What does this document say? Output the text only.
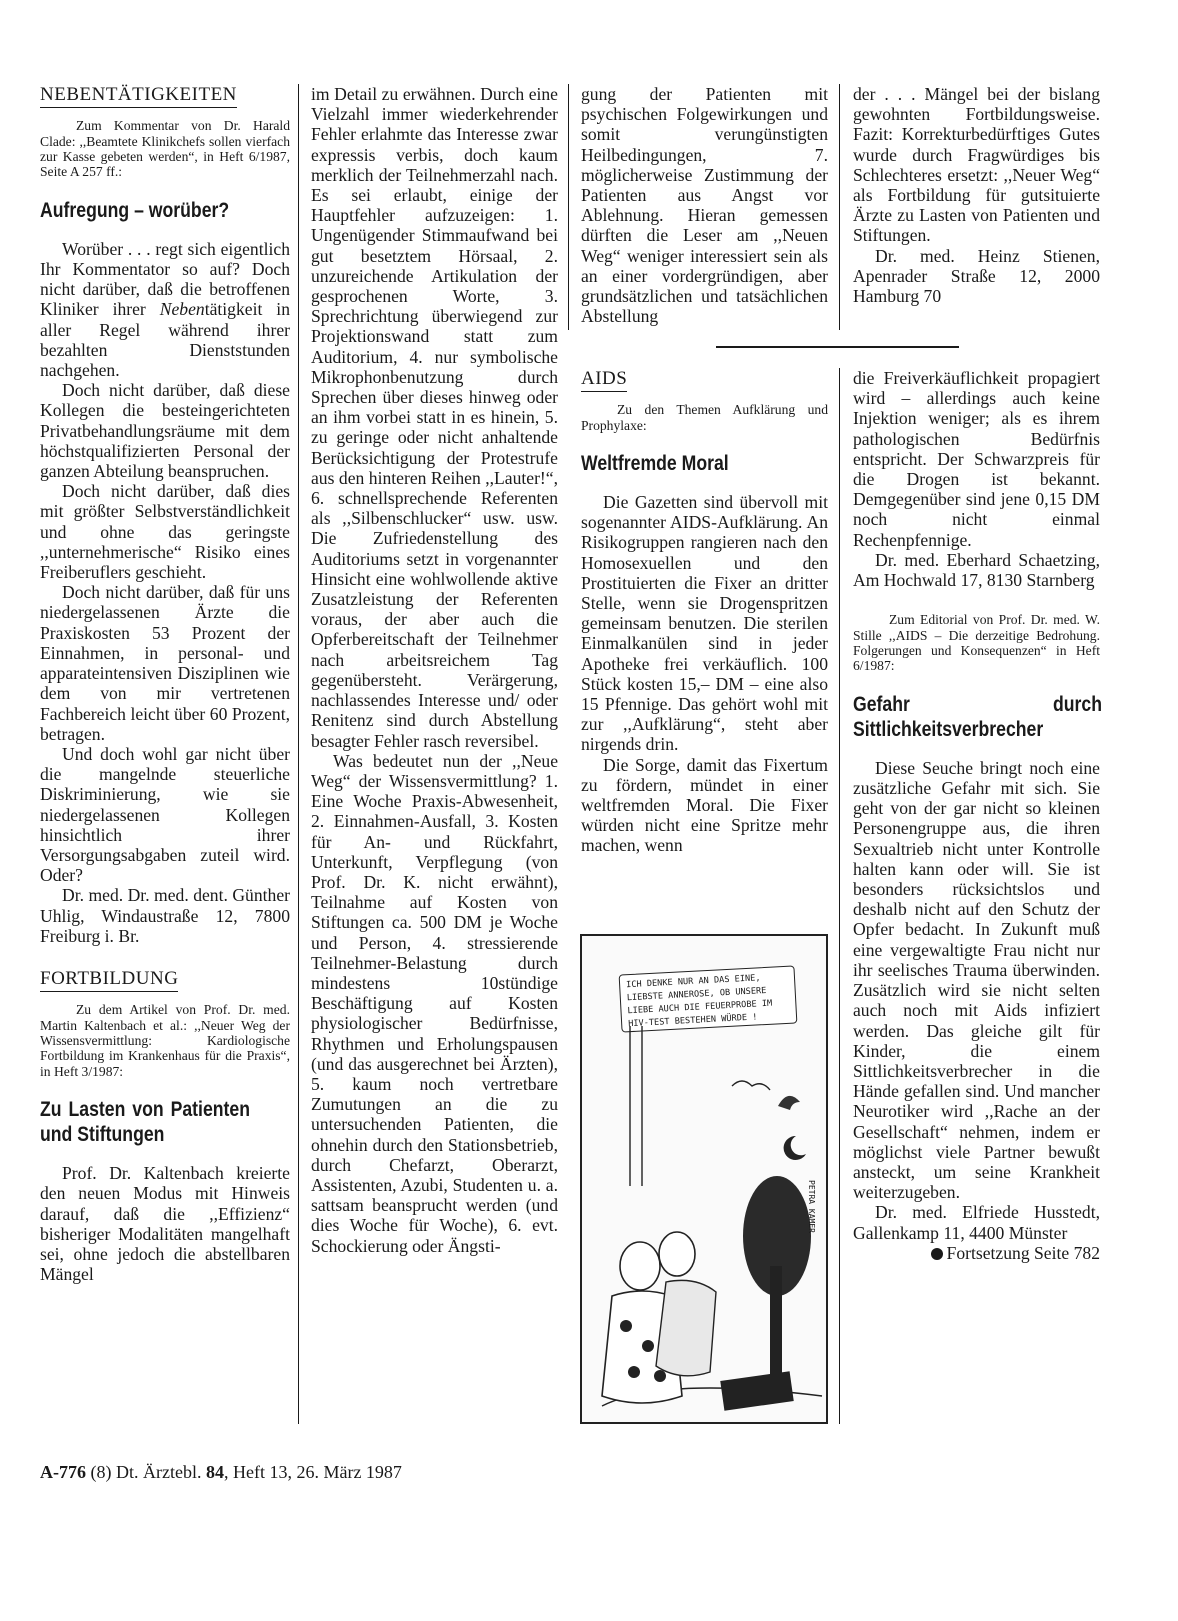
NEBENTÄTIGKEITEN

Zum Kommentar von Dr. Harald Clade: ,,Beamtete Klinikchefs sollen vierfach zur Kasse gebeten werden“, in Heft 6/1987, Seite A 257 ff.:

Aufregung – worüber?

Worüber . . . regt sich eigentlich Ihr Kommentator so auf? Doch nicht darüber, daß die betroffenen Kliniker ihrer Nebentätigkeit in aller Regel während ihrer bezahlten Dienststunden nachgehen.

Doch nicht darüber, daß diese Kollegen die besteingerichteten Privatbehandlungsräume mit dem höchstqualifizierten Personal der ganzen Abteilung beanspruchen.

Doch nicht darüber, daß dies mit größter Selbstverständlichkeit und ohne das geringste ,,unternehmerische“ Risiko eines Freiberuflers geschieht.

Doch nicht darüber, daß für uns niedergelassenen Ärzte die Praxiskosten 53 Prozent der Einnahmen, in personal- und apparateintensiven Disziplinen wie dem von mir vertretenen Fachbereich leicht über 60 Prozent, betragen.

Und doch wohl gar nicht über die mangelnde steuerliche Diskriminierung, wie sie niedergelassenen Kollegen hinsichtlich ihrer Versorgungsabgaben zuteil wird. Oder?

Dr. med. Dr. med. dent. Günther Uhlig, Windaustraße 12, 7800 Freiburg i. Br.

FORTBILDUNG

Zu dem Artikel von Prof. Dr. med. Martin Kaltenbach et al.: ,,Neuer Weg der Wissensvermittlung: Kardiologische Fortbildung im Krankenhaus für die Praxis“, in Heft 3/1987:

Zu Lasten von Patienten und Stiftungen

Prof. Dr. Kaltenbach kreierte den neuen Modus mit Hinweis darauf, daß die ,,Effizienz“ bisheriger Modalitäten mangelhaft sei, ohne jedoch die abstellbaren Mängel

im Detail zu erwähnen. Durch eine Vielzahl immer wiederkehrender Fehler erlahmte das Interesse zwar expressis verbis, doch kaum merklich der Teilnehmerzahl nach. Es sei erlaubt, einige der Hauptfehler aufzuzeigen: 1. Ungenügender Stimmaufwand bei gut besetztem Hörsaal, 2. unzureichende Artikulation der gesprochenen Worte, 3. Sprechrichtung überwiegend zur Projektionswand statt zum Auditorium, 4. nur symbolische Mikrophonbenutzung durch Sprechen über dieses hinweg oder an ihm vorbei statt in es hinein, 5. zu geringe oder nicht anhaltende Berücksichtigung der Protestrufe aus den hinteren Reihen ,,Lauter!“, 6. schnellsprechende Referenten als ,,Silbenschlucker“ usw. usw. Die Zufriedenstellung des Auditoriums setzt in vorgenannter Hinsicht eine wohlwollende aktive Zusatzleistung der Referenten voraus, der aber auch die Opferbereitschaft der Teilnehmer nach arbeitsreichem Tag gegenübersteht. Verärgerung, nachlassendes Interesse und/ oder Renitenz sind durch Abstellung besagter Fehler rasch reversibel.

Was bedeutet nun der ,,Neue Weg“ der Wissensvermittlung? 1. Eine Woche Praxis-Abwesenheit, 2. Einnahmen-Ausfall, 3. Kosten für An- und Rückfahrt, Unterkunft, Verpflegung (von Prof. Dr. K. nicht erwähnt), Teilnahme auf Kosten von Stiftungen ca. 500 DM je Woche und Person, 4. stressierende Teilnehmer-Belastung durch mindestens 10stündige Beschäftigung auf Kosten physiologischer Bedürfnisse, Rhythmen und Erholungspausen (und das ausgerechnet bei Ärzten), 5. kaum noch vertretbare Zumutungen an die zu untersuchenden Patienten, die ohnehin durch den Stationsbetrieb, durch Chefarzt, Oberarzt, Assistenten, Azubi, Studenten u. a. sattsam beansprucht werden (und dies Woche für Woche), 6. evt. Schockierung oder Ängsti-

gung der Patienten mit psychischen Folgewirkungen und somit verungünstigten Heilbedingungen, 7. möglicherweise Zustimmung der Patienten aus Angst vor Ablehnung. Hieran gemessen dürften die Leser am ,,Neuen Weg“ weniger interessiert sein als an einer vordergründigen, aber grundsätzlichen und tatsächlichen Abstellung

AIDS

Zu den Themen Aufklärung und Prophylaxe:

Weltfremde Moral

Die Gazetten sind übervoll mit sogenannter AIDS-Aufklärung. An Risikogruppen rangieren nach den Homosexuellen und den Prostituierten die Fixer an dritter Stelle, wenn sie Drogenspritzen gemeinsam benutzen. Die sterilen Einmalkanülen sind in jeder Apotheke frei verkäuflich. 100 Stück kosten 15,– DM – eine also 15 Pfennige. Das gehört wohl mit zur ,,Aufklärung“, steht aber nirgends drin.

Die Sorge, damit das Fixertum zu fördern, mündet in einer weltfremden Moral. Die Fixer würden nicht eine Spritze mehr machen, wenn

ICH DENKE NUR AN DAS EINE, LIEBSTE ANNEROSE, OB UNSERE LIEBE AUCH DIE FEUERPROBE IM HIV-TEST BESTEHEN WÜRDE !
PETRA KAMER

der . . . Mängel bei der bislang gewohnten Fortbildungsweise. Fazit: Korrekturbedürftiges Gutes wurde durch Fragwürdiges bis Schlechteres ersetzt: ,,Neuer Weg“ als Fortbildung für gutsituierte Ärzte zu Lasten von Patienten und Stiftungen.

Dr. med. Heinz Stienen, Apenrader Straße 12, 2000 Hamburg 70

die Freiverkäuflichkeit propagiert wird – allerdings auch keine Injektion weniger; als es ihrem pathologischen Bedürfnis entspricht. Der Schwarzpreis für die Drogen ist bekannt. Demgegenüber sind jene 0,15 DM noch nicht einmal Rechenpfennige.

Dr. med. Eberhard Schaetzing, Am Hochwald 17, 8130 Starnberg

Zum Editorial von Prof. Dr. med. W. Stille ,,AIDS – Die derzeitige Bedrohung. Folgerungen und Konsequenzen“ in Heft 6/1987:

Gefahr durch Sittlichkeitsverbrecher

Diese Seuche bringt noch eine zusätzliche Gefahr mit sich. Sie geht von der gar nicht so kleinen Personengruppe aus, die ihren Sexualtrieb nicht unter Kontrolle halten kann oder will. Sie ist besonders rücksichtslos und deshalb nicht auf den Schutz der Opfer bedacht. In Zukunft muß eine vergewaltigte Frau nicht nur ihr seelisches Trauma überwinden. Zusätzlich wird sie nicht selten auch noch mit Aids infiziert werden. Das gleiche gilt für Kinder, die einem Sittlichkeitsverbrecher in die Hände gefallen sind. Und mancher Neurotiker wird ,,Rache an der Gesellschaft“ nehmen, indem er möglichst viele Partner bewußt ansteckt, um seine Krankheit weiterzugeben.

Dr. med. Elfriede Husstedt, Gallenkamp 11, 4400 Münster

Fortsetzung Seite 782
A-776 (8) Dt. Ärztebl. 84, Heft 13, 26. März 1987
